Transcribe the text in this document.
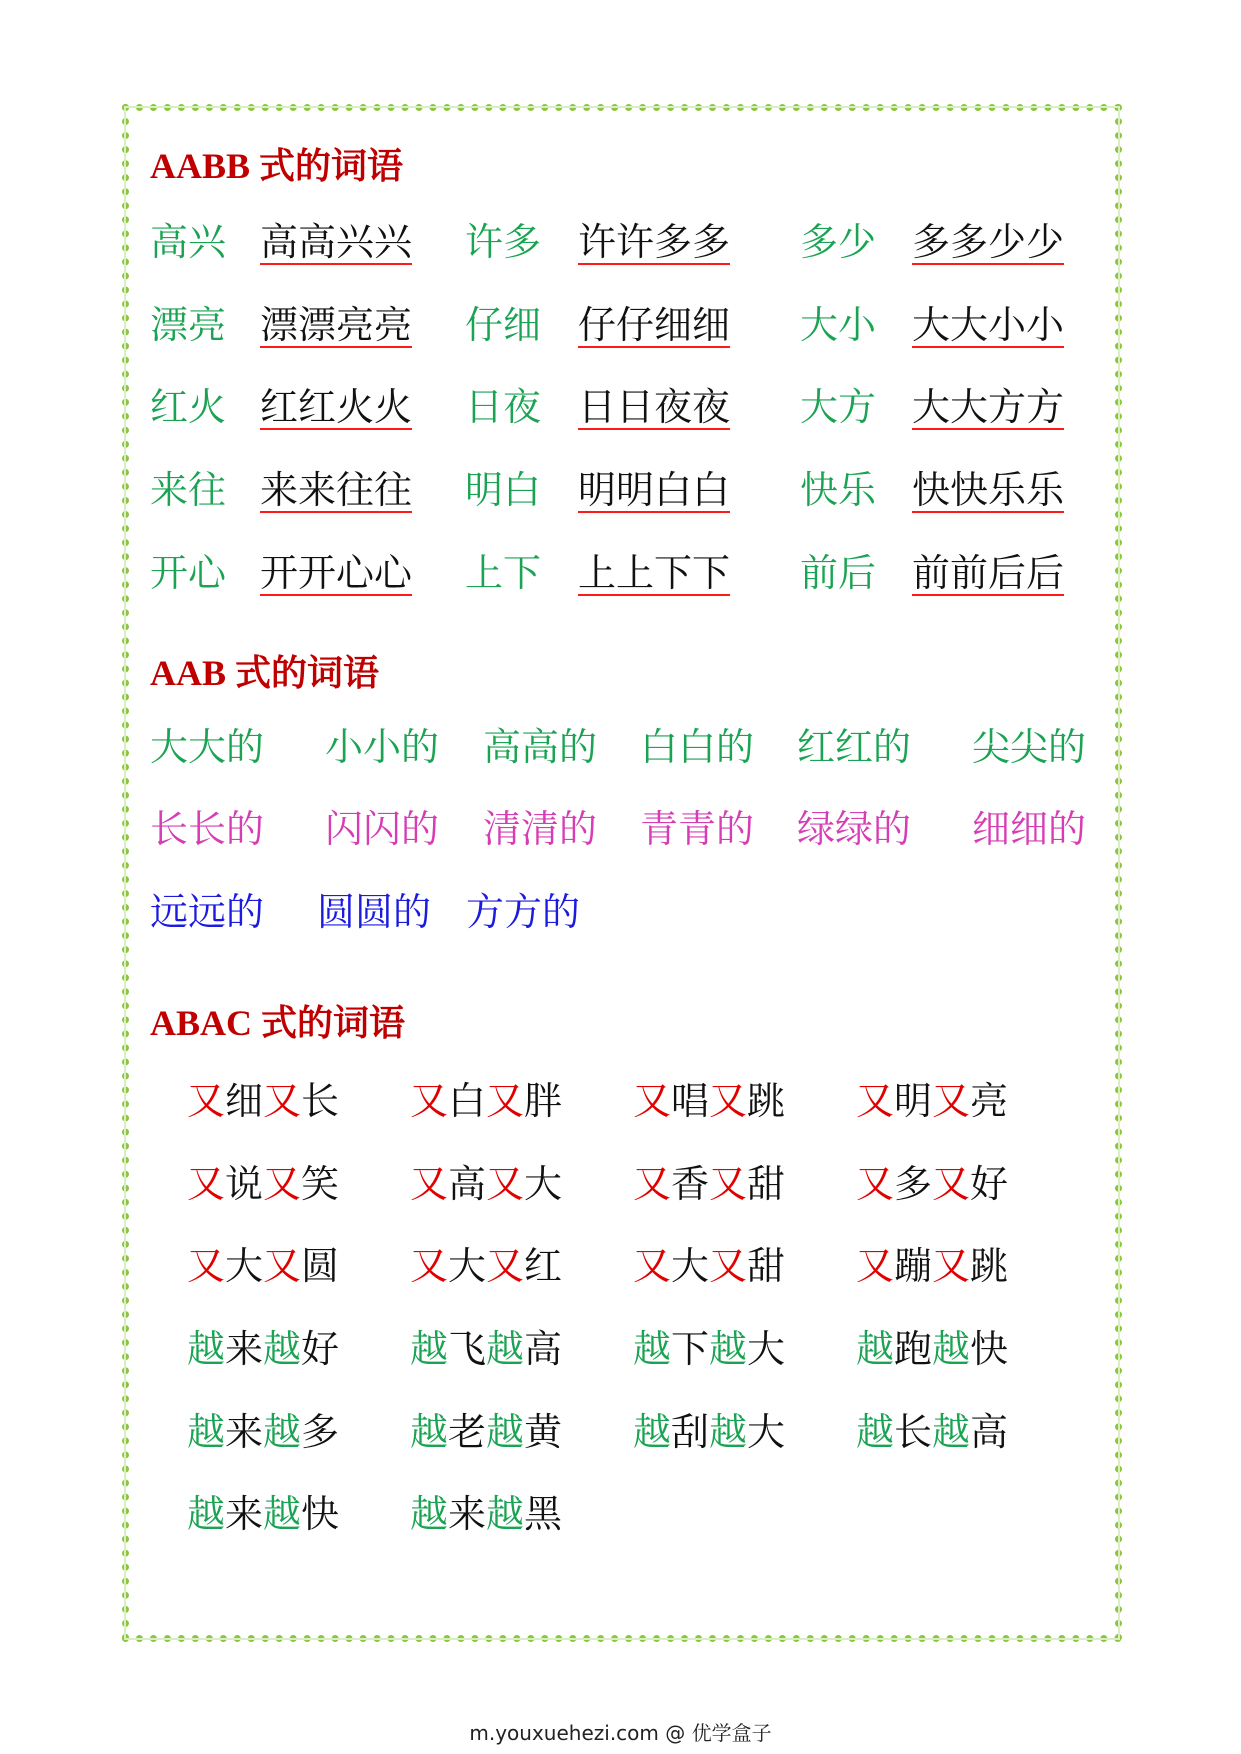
AABB 式的词语
高兴 高高兴兴 许多 许许多多 多少 多多少少
漂亮 漂漂亮亮 仔细 仔仔细细 大小 大大小小
红火 红红火火 日夜 日日夜夜 大方 大大方方
来往 来来往往 明白 明明白白 快乐 快快乐乐
开心 开开心心 上下 上上下下 前后 前前后后
AAB 式的词语
大大的 小小的 高高的 白白的 红红的 尖尖的
长长的 闪闪的 清清的 青青的 绿绿的 细细的
远远的 圆圆的 方方的
ABAC 式的词语
又细又长 又白又胖 又唱又跳 又明又亮
又说又笑 又高又大 又香又甜 又多又好
又大又圆 又大又红 又大又甜 又蹦又跳
越来越好 越飞越高 越下越大 越跑越快
越来越多 越老越黄 越刮越大 越长越高
越来越快 越来越黑
m.youxuehezi.com @ 优学盒子
